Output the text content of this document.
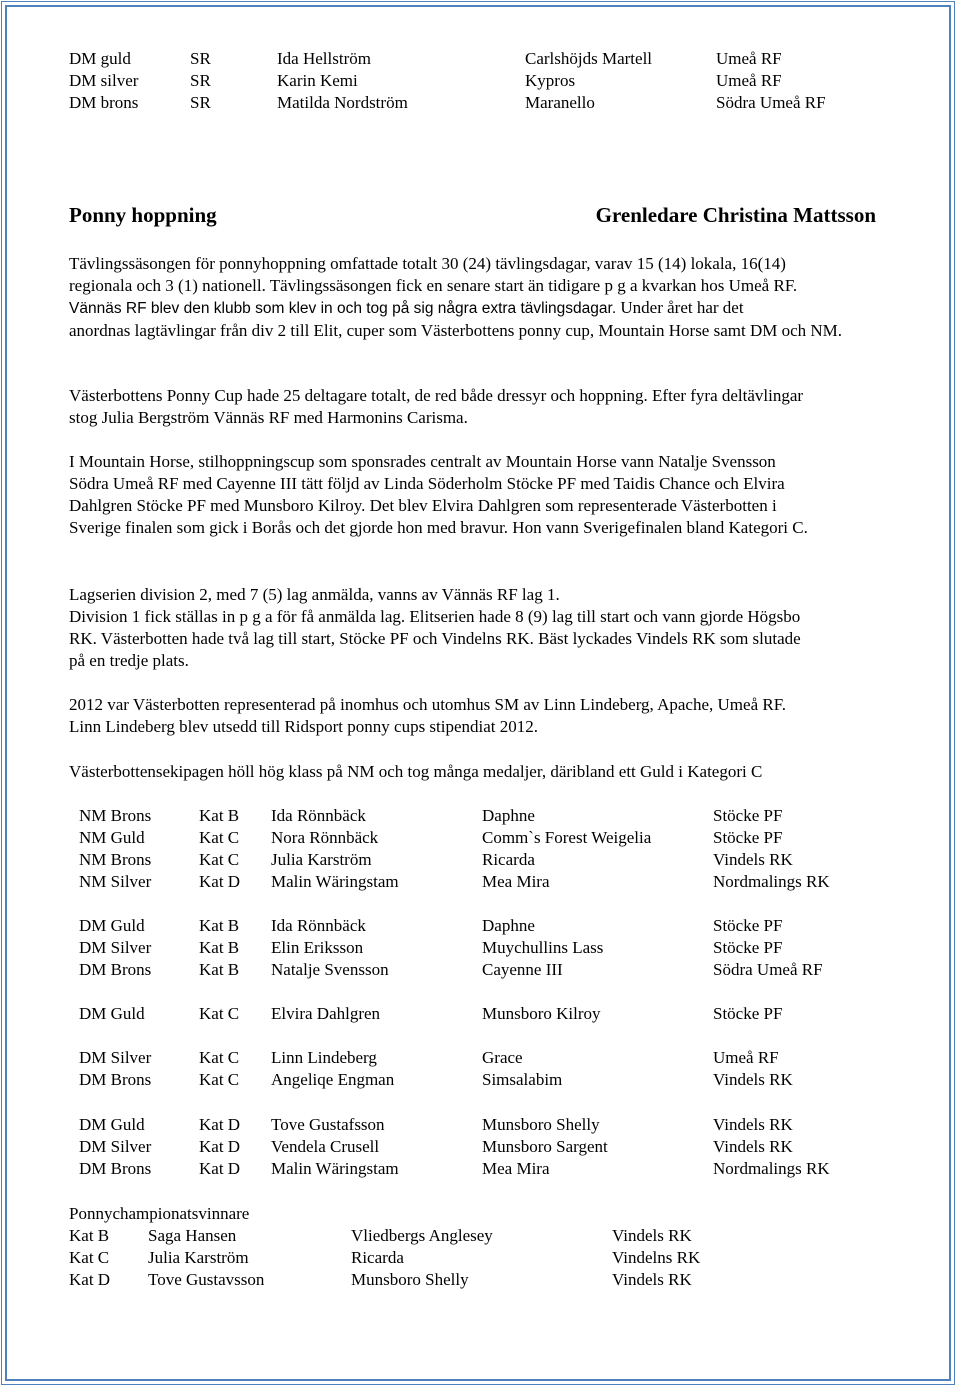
DM guld	SR	Ida Hellström	Carlshöjds Martell	Umeå RF
DM silver	SR	Karin Kemi	Kypros	Umeå RF
DM brons	SR	Matilda Nordström	Maranello	Södra Umeå RF
Ponny hoppning	Grenledare Christina Mattsson
Tävlingssäsongen för ponnyhoppning omfattade totalt 30 (24) tävlingsdagar, varav 15 (14) lokala, 16(14) regionala och 3 (1) nationell. Tävlingssäsongen fick en senare start än tidigare p g a kvarkan hos Umeå RF. Vännäs RF blev den klubb som klev in och tog på sig några extra tävlingsdagar. Under året har det anordnas lagtävlingar från div 2 till Elit, cuper som Västerbottens ponny cup, Mountain Horse samt DM och NM.
Västerbottens Ponny Cup hade 25 deltagare totalt, de red både dressyr och hoppning. Efter fyra deltävlingar stog Julia Bergström Vännäs RF med Harmonins Carisma.
I Mountain Horse, stilhoppningscup som sponsrades centralt av Mountain Horse vann Natalje Svensson Södra Umeå RF med Cayenne III tätt följd av Linda Söderholm Stöcke PF med Taidis Chance och Elvira Dahlgren Stöcke PF med Munsboro Kilroy. Det blev Elvira Dahlgren som representerade Västerbotten i Sverige finalen som gick i Borås och det gjorde hon med bravur. Hon vann Sverigefinalen bland Kategori C.
Lagserien division 2, med 7 (5) lag anmälda, vanns av Vännäs RF lag 1. Division 1 fick ställas in p g a för få anmälda lag. Elitserien hade 8 (9) lag till start och vann gjorde Högsbo RK. Västerbotten hade två lag till start, Stöcke PF och Vindelns RK. Bäst lyckades Vindels RK som slutade på en tredje plats.
2012 var Västerbotten representerad på inomhus och utomhus SM av Linn Lindeberg, Apache, Umeå RF. Linn Lindeberg blev utsedd till Ridsport ponny cups stipendiat 2012.
Västerbottensekipagen höll hög klass på NM och tog många medaljer, däribland ett Guld i Kategori C
NM Brons	Kat B Ida Rönnbäck	Daphne	Stöcke PF
NM Guld	Kat C Nora Rönnbäck	Comm`s Forest Weigelia	Stöcke PF
NM Brons	Kat C Julia Karström	Ricarda	Vindels RK
NM Silver	Kat D Malin Wäringstam	Mea Mira	Nordmalings RK
DM Guld	Kat B Ida Rönnbäck	Daphne	Stöcke PF
DM Silver	Kat B Elin Eriksson	Muychullins Lass	Stöcke PF
DM Brons	Kat B Natalje Svensson	Cayenne III	Södra Umeå RF
DM Guld	Kat C Elvira Dahlgren	Munsboro Kilroy	Stöcke PF
DM Silver	Kat C Linn Lindeberg	Grace	Umeå RF
DM Brons	Kat C Angeliqe Engman	Simsalabim	Vindels RK
DM Guld	Kat D Tove Gustafsson	Munsboro Shelly	Vindels RK
DM Silver	Kat D Vendela Crusell	Munsboro Sargent	Vindels RK
DM Brons	Kat D Malin Wäringstam	Mea Mira	Nordmalings RK
Ponnychampionatsvinnare
Kat B Saga Hansen	Vliedbergs Anglesey	Vindels RK
Kat C Julia Karström	Ricarda	Vindelns RK
Kat D Tove Gustavsson	Munsboro Shelly	Vindels RK
